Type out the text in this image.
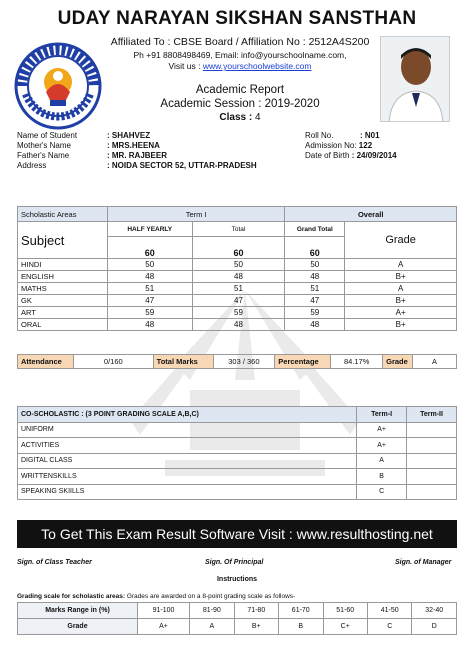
UDAY NARAYAN SIKSHAN SANSTHAN
Affiliated To : CBSE Board / Affiliation No : 2512A4S200
Ph +91 8808498469, Email: info@yourschoolname.com,
Visit us : www.yourschoolwebsite.com
Academic Report
Academic Session : 2019-2020
Class : 4
Name of Student	: SHAHVEZ
Mother's Name	: MRS.HEENA
Father's Name	: MR. RAJBEER
Address	: NOIDA SECTOR 52, UTTAR-PRADESH
Roll No.	: N01
Admission No: 122
Date of Birth : 24/09/2014
Scholastic Areas	Term I		Overall	
Subject	HALF YEARLY	Total	Grand Total	Grade
	60	60	60	
HINDI	50	50	50	A
ENGLISH	48	48	48	B+
MATHS	51	51	51	A
GK	47	47	47	B+
ART	59	59	59	A+
ORAL	48	48	48	B+
Attendance	0/160	Total Marks	303 / 360	Percentage	84.17%	Grade	A
CO-SCHOLASTIC : (3 POINT GRADING SCALE A,B,C)	Term-I	Term-II
UNIFORM	A+	
ACTIVITIES	A+	
DIGITAL CLASS	A	
WRITTENSKILLS	B	
SPEAKING SKIILLS	C	
To Get This Exam Result Software Visit : www.resulthosting.net
Sign. of Class Teacher	Sign. Of Principal	Sign. of Manager
Instructions
Grading scale for scholastic areas: Grades are awarded on a 8-point grading scale as follows-
Marks Range in (%)	91-100	81-90	71-80	61-70	51-60	41-50	32-40
Grade	A+	A	B+	B	C+	C	D
